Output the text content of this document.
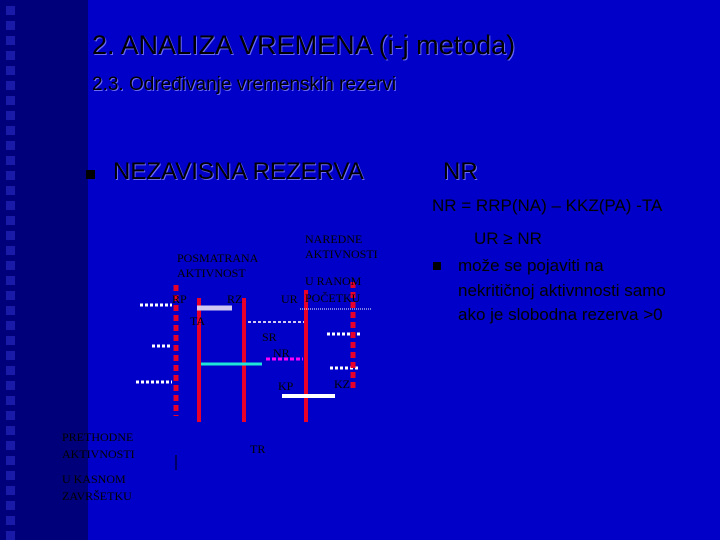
2. ANALIZA VREMENA (i-j metoda)
2.3. Određivanje vremenskih rezervi
NEZAVISNA REZERVA	NR
NR = RRP(NA) – KKZ(PA) -TA
UR ≥ NR
može se pojaviti na
nekritičnoj aktivnnosti samo
ako je slobodna rezerva >0
POSMATRANA
AKTIVNOST
NAREDNE
AKTIVNOSTI
U RANOM
POČETKU
RP	RZ	UR
TA
SR
NR
KP	KZ
TR
PRETHODNE
AKTIVNOSTI
U KASNOM
ZAVRŠETKU
